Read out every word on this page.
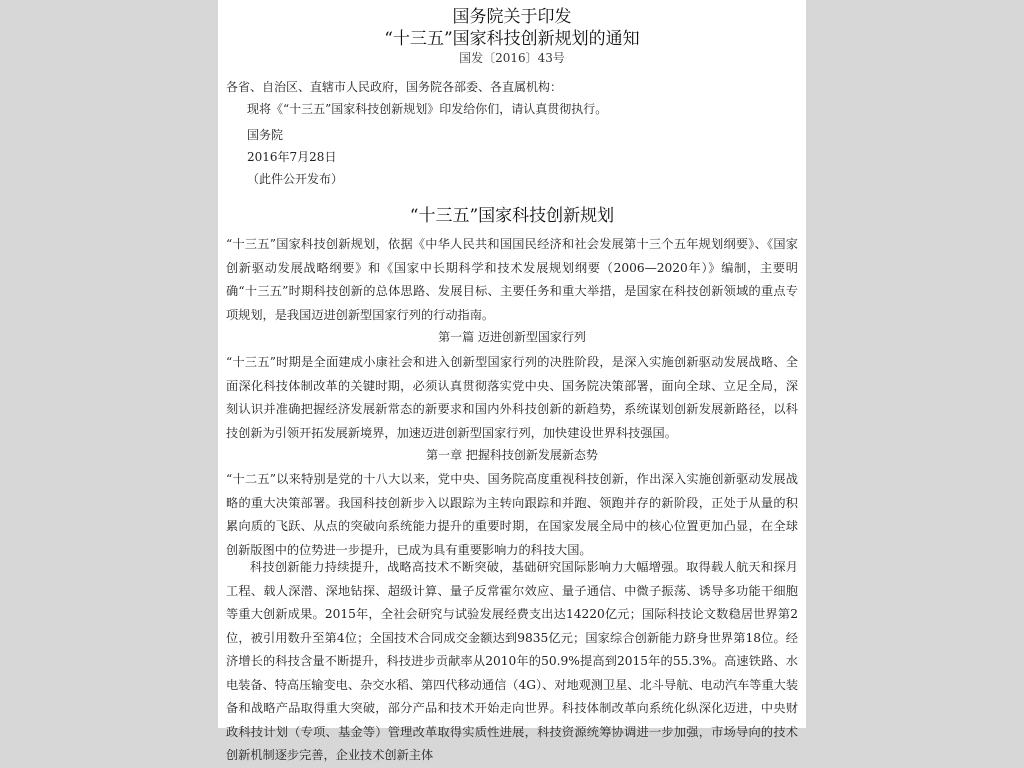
国务院关于印发
“十三五”国家科技创新规划的通知
国发〔2016〕43号
各省、自治区、直辖市人民政府，国务院各部委、各直属机构：
现将《“十三五”国家科技创新规划》印发给你们，请认真贯彻执行。
国务院
2016年7月28日
（此件公开发布）
“十三五”国家科技创新规划

“十三五”国家科技创新规划，依据《中华人民共和国国民经济和社会发展第十三个五年规划纲要》、《国家创新驱动发展战略纲要》和《国家中长期科学和技术发展规划纲要（2006—2020年）》编制，主要明确“十三五”时期科技创新的总体思路、发展目标、主要任务和重大举措，是国家在科技创新领域的重点专项规划，是我国迈进创新型国家行列的行动指南。

第一篇 迈进创新型国家行列

“十三五”时期是全面建成小康社会和进入创新型国家行列的决胜阶段，是深入实施创新驱动发展战略、全面深化科技体制改革的关键时期，必须认真贯彻落实党中央、国务院决策部署，面向全球、立足全局，深刻认识并准确把握经济发展新常态的新要求和国内外科技创新的新趋势，系统谋划创新发展新路径，以科技创新为引领开拓发展新境界，加速迈进创新型国家行列，加快建设世界科技强国。

第一章 把握科技创新发展新态势

“十二五”以来特别是党的十八大以来，党中央、国务院高度重视科技创新，作出深入实施创新驱动发展战略的重大决策部署。我国科技创新步入以跟踪为主转向跟踪和并跑、领跑并存的新阶段，正处于从量的积累向质的飞跃、从点的突破向系统能力提升的重要时期，在国家发展全局中的核心位置更加凸显，在全球创新版图中的位势进一步提升，已成为具有重要影响力的科技大国。

科技创新能力持续提升，战略高技术不断突破，基础研究国际影响力大幅增强。取得载人航天和探月工程、载人深潜、深地钻探、超级计算、量子反常霍尔效应、量子通信、中微子振荡、诱导多功能干细胞等重大创新成果。2015年，全社会研究与试验发展经费支出达14220亿元；国际科技论文数稳居世界第2位，被引用数升至第4位；全国技术合同成交金额达到9835亿元；国家综合创新能力跻身世界第18位。经济增长的科技含量不断提升，科技进步贡献率从2010年的50.9%提高到2015年的55.3%。高速铁路、水电装备、特高压输变电、杂交水稻、第四代移动通信（4G）、对地观测卫星、北斗导航、电动汽车等重大装备和战略产品取得重大突破，部分产品和技术开始走向世界。科技体制改革向系统化纵深化迈进，中央财政科技计划（专项、基金等）管理改革取得实质性进展，科技资源统筹协调进一步加强，市场导向的技术创新机制逐步完善，企业技术创新主体
